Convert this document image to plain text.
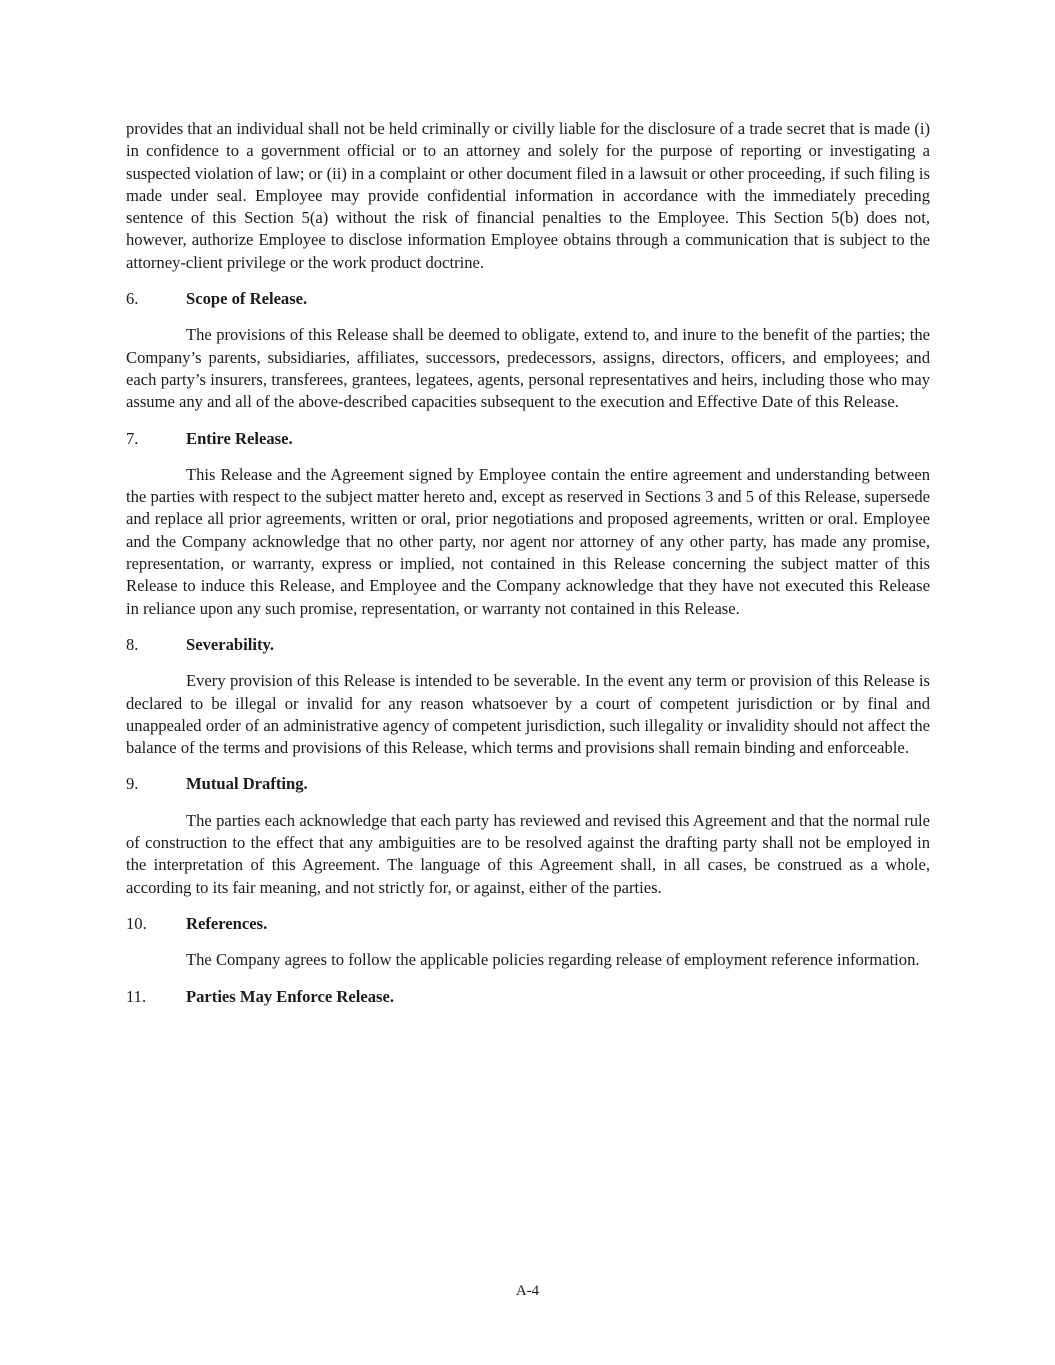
provides that an individual shall not be held criminally or civilly liable for the disclosure of a trade secret that is made (i) in confidence to a government official or to an attorney and solely for the purpose of reporting or investigating a suspected violation of law; or (ii) in a complaint or other document filed in a lawsuit or other proceeding, if such filing is made under seal. Employee may provide confidential information in accordance with the immediately preceding sentence of this Section 5(a) without the risk of financial penalties to the Employee. This Section 5(b) does not, however, authorize Employee to disclose information Employee obtains through a communication that is subject to the attorney-client privilege or the work product doctrine.

6.	Scope of Release.

The provisions of this Release shall be deemed to obligate, extend to, and inure to the benefit of the parties; the Company’s parents, subsidiaries, affiliates, successors, predecessors, assigns, directors, officers, and employees; and each party’s insurers, transferees, grantees, legatees, agents, personal representatives and heirs, including those who may assume any and all of the above-described capacities subsequent to the execution and Effective Date of this Release.

7.	Entire Release.

This Release and the Agreement signed by Employee contain the entire agreement and understanding between the parties with respect to the subject matter hereto and, except as reserved in Sections 3 and 5 of this Release, supersede and replace all prior agreements, written or oral, prior negotiations and proposed agreements, written or oral. Employee and the Company acknowledge that no other party, nor agent nor attorney of any other party, has made any promise, representation, or warranty, express or implied, not contained in this Release concerning the subject matter of this Release to induce this Release, and Employee and the Company acknowledge that they have not executed this Release in reliance upon any such promise, representation, or warranty not contained in this Release.

8.	Severability.

Every provision of this Release is intended to be severable. In the event any term or provision of this Release is declared to be illegal or invalid for any reason whatsoever by a court of competent jurisdiction or by final and unappealed order of an administrative agency of competent jurisdiction, such illegality or invalidity should not affect the balance of the terms and provisions of this Release, which terms and provisions shall remain binding and enforceable.

9.	Mutual Drafting.

The parties each acknowledge that each party has reviewed and revised this Agreement and that the normal rule of construction to the effect that any ambiguities are to be resolved against the drafting party shall not be employed in the interpretation of this Agreement. The language of this Agreement shall, in all cases, be construed as a whole, according to its fair meaning, and not strictly for, or against, either of the parties.

10.	References.

The Company agrees to follow the applicable policies regarding release of employment reference information.

11.	Parties May Enforce Release.
A-4
